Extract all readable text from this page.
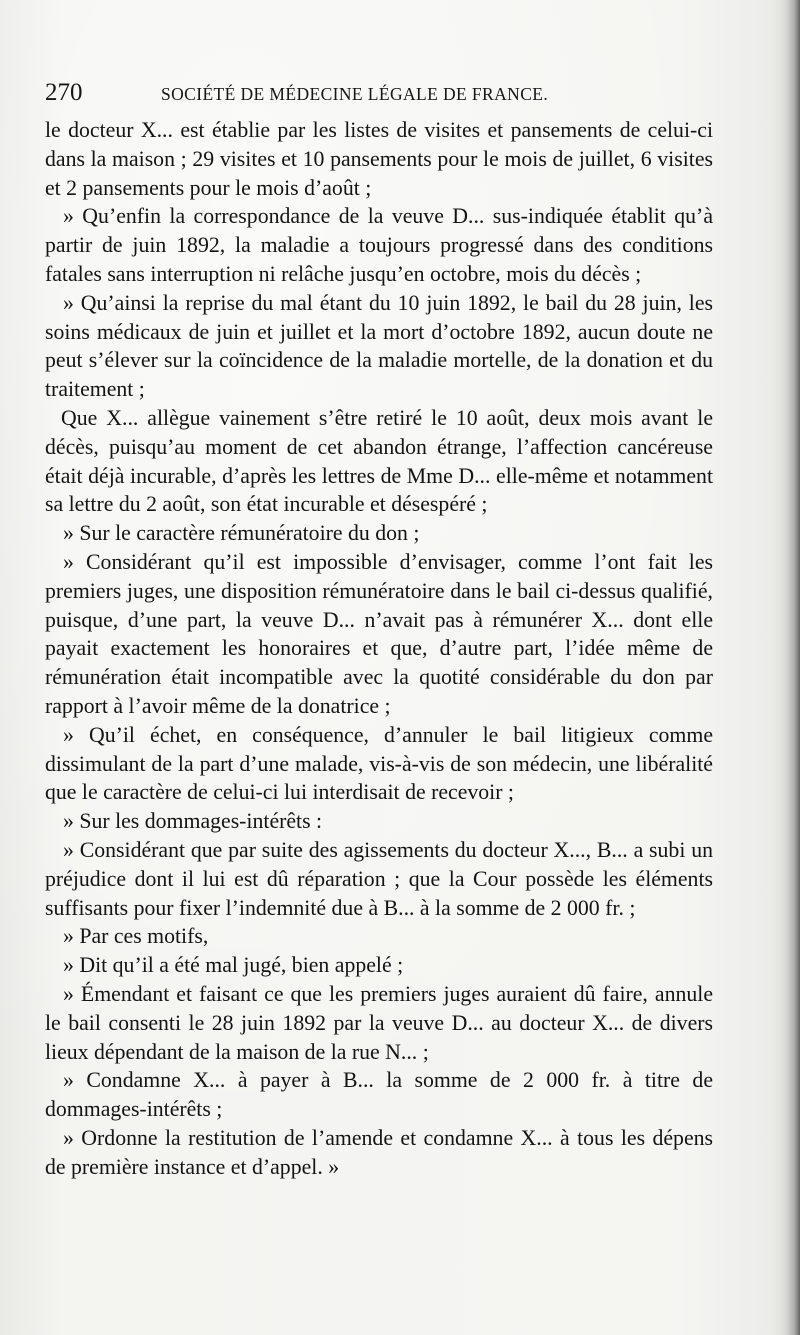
270	SOCIÉTÉ DE MÉDECINE LÉGALE DE FRANCE.

le docteur X... est établie par les listes de visites et pansements de celui-ci dans la maison ; 29 visites et 10 pansements pour le mois de juillet, 6 visites et 2 pansements pour le mois d’août ;

» Qu’enfin la correspondance de la veuve D... sus-indiquée établit qu’à partir de juin 1892, la maladie a toujours progressé dans des conditions fatales sans interruption ni relâche jusqu’en octobre, mois du décès ;

» Qu’ainsi la reprise du mal étant du 10 juin 1892, le bail du 28 juin, les soins médicaux de juin et juillet et la mort d’octobre 1892, aucun doute ne peut s’élever sur la coïncidence de la maladie mortelle, de la donation et du traitement ;

Que X... allègue vainement s’être retiré le 10 août, deux mois avant le décès, puisqu’au moment de cet abandon étrange, l’affection cancéreuse était déjà incurable, d’après les lettres de Mme D... elle-même et notamment sa lettre du 2 août, son état incurable et désespéré ;

» Sur le caractère rémunératoire du don ;

» Considérant qu’il est impossible d’envisager, comme l’ont fait les premiers juges, une disposition rémunératoire dans le bail ci-dessus qualifié, puisque, d’une part, la veuve D... n’avait pas à rémunérer X... dont elle payait exactement les honoraires et que, d’autre part, l’idée même de rémunération était incompatible avec la quotité considérable du don par rapport à l’avoir même de la donatrice ;

» Qu’il échet, en conséquence, d’annuler le bail litigieux comme dissimulant de la part d’une malade, vis-à-vis de son médecin, une libéralité que le caractère de celui-ci lui interdisait de recevoir ;

» Sur les dommages-intérêts :

» Considérant que par suite des agissements du docteur X..., B... a subi un préjudice dont il lui est dû réparation ; que la Cour possède les éléments suffisants pour fixer l’indemnité due à B... à la somme de 2 000 fr. ;

» Par ces motifs,

» Dit qu’il a été mal jugé, bien appelé ;

» Émendant et faisant ce que les premiers juges auraient dû faire, annule le bail consenti le 28 juin 1892 par la veuve D... au docteur X... de divers lieux dépendant de la maison de la rue N... ;

» Condamne X... à payer à B... la somme de 2 000 fr. à titre de dommages-intérêts ;

» Ordonne la restitution de l’amende et condamne X... à tous les dépens de première instance et d’appel. »
